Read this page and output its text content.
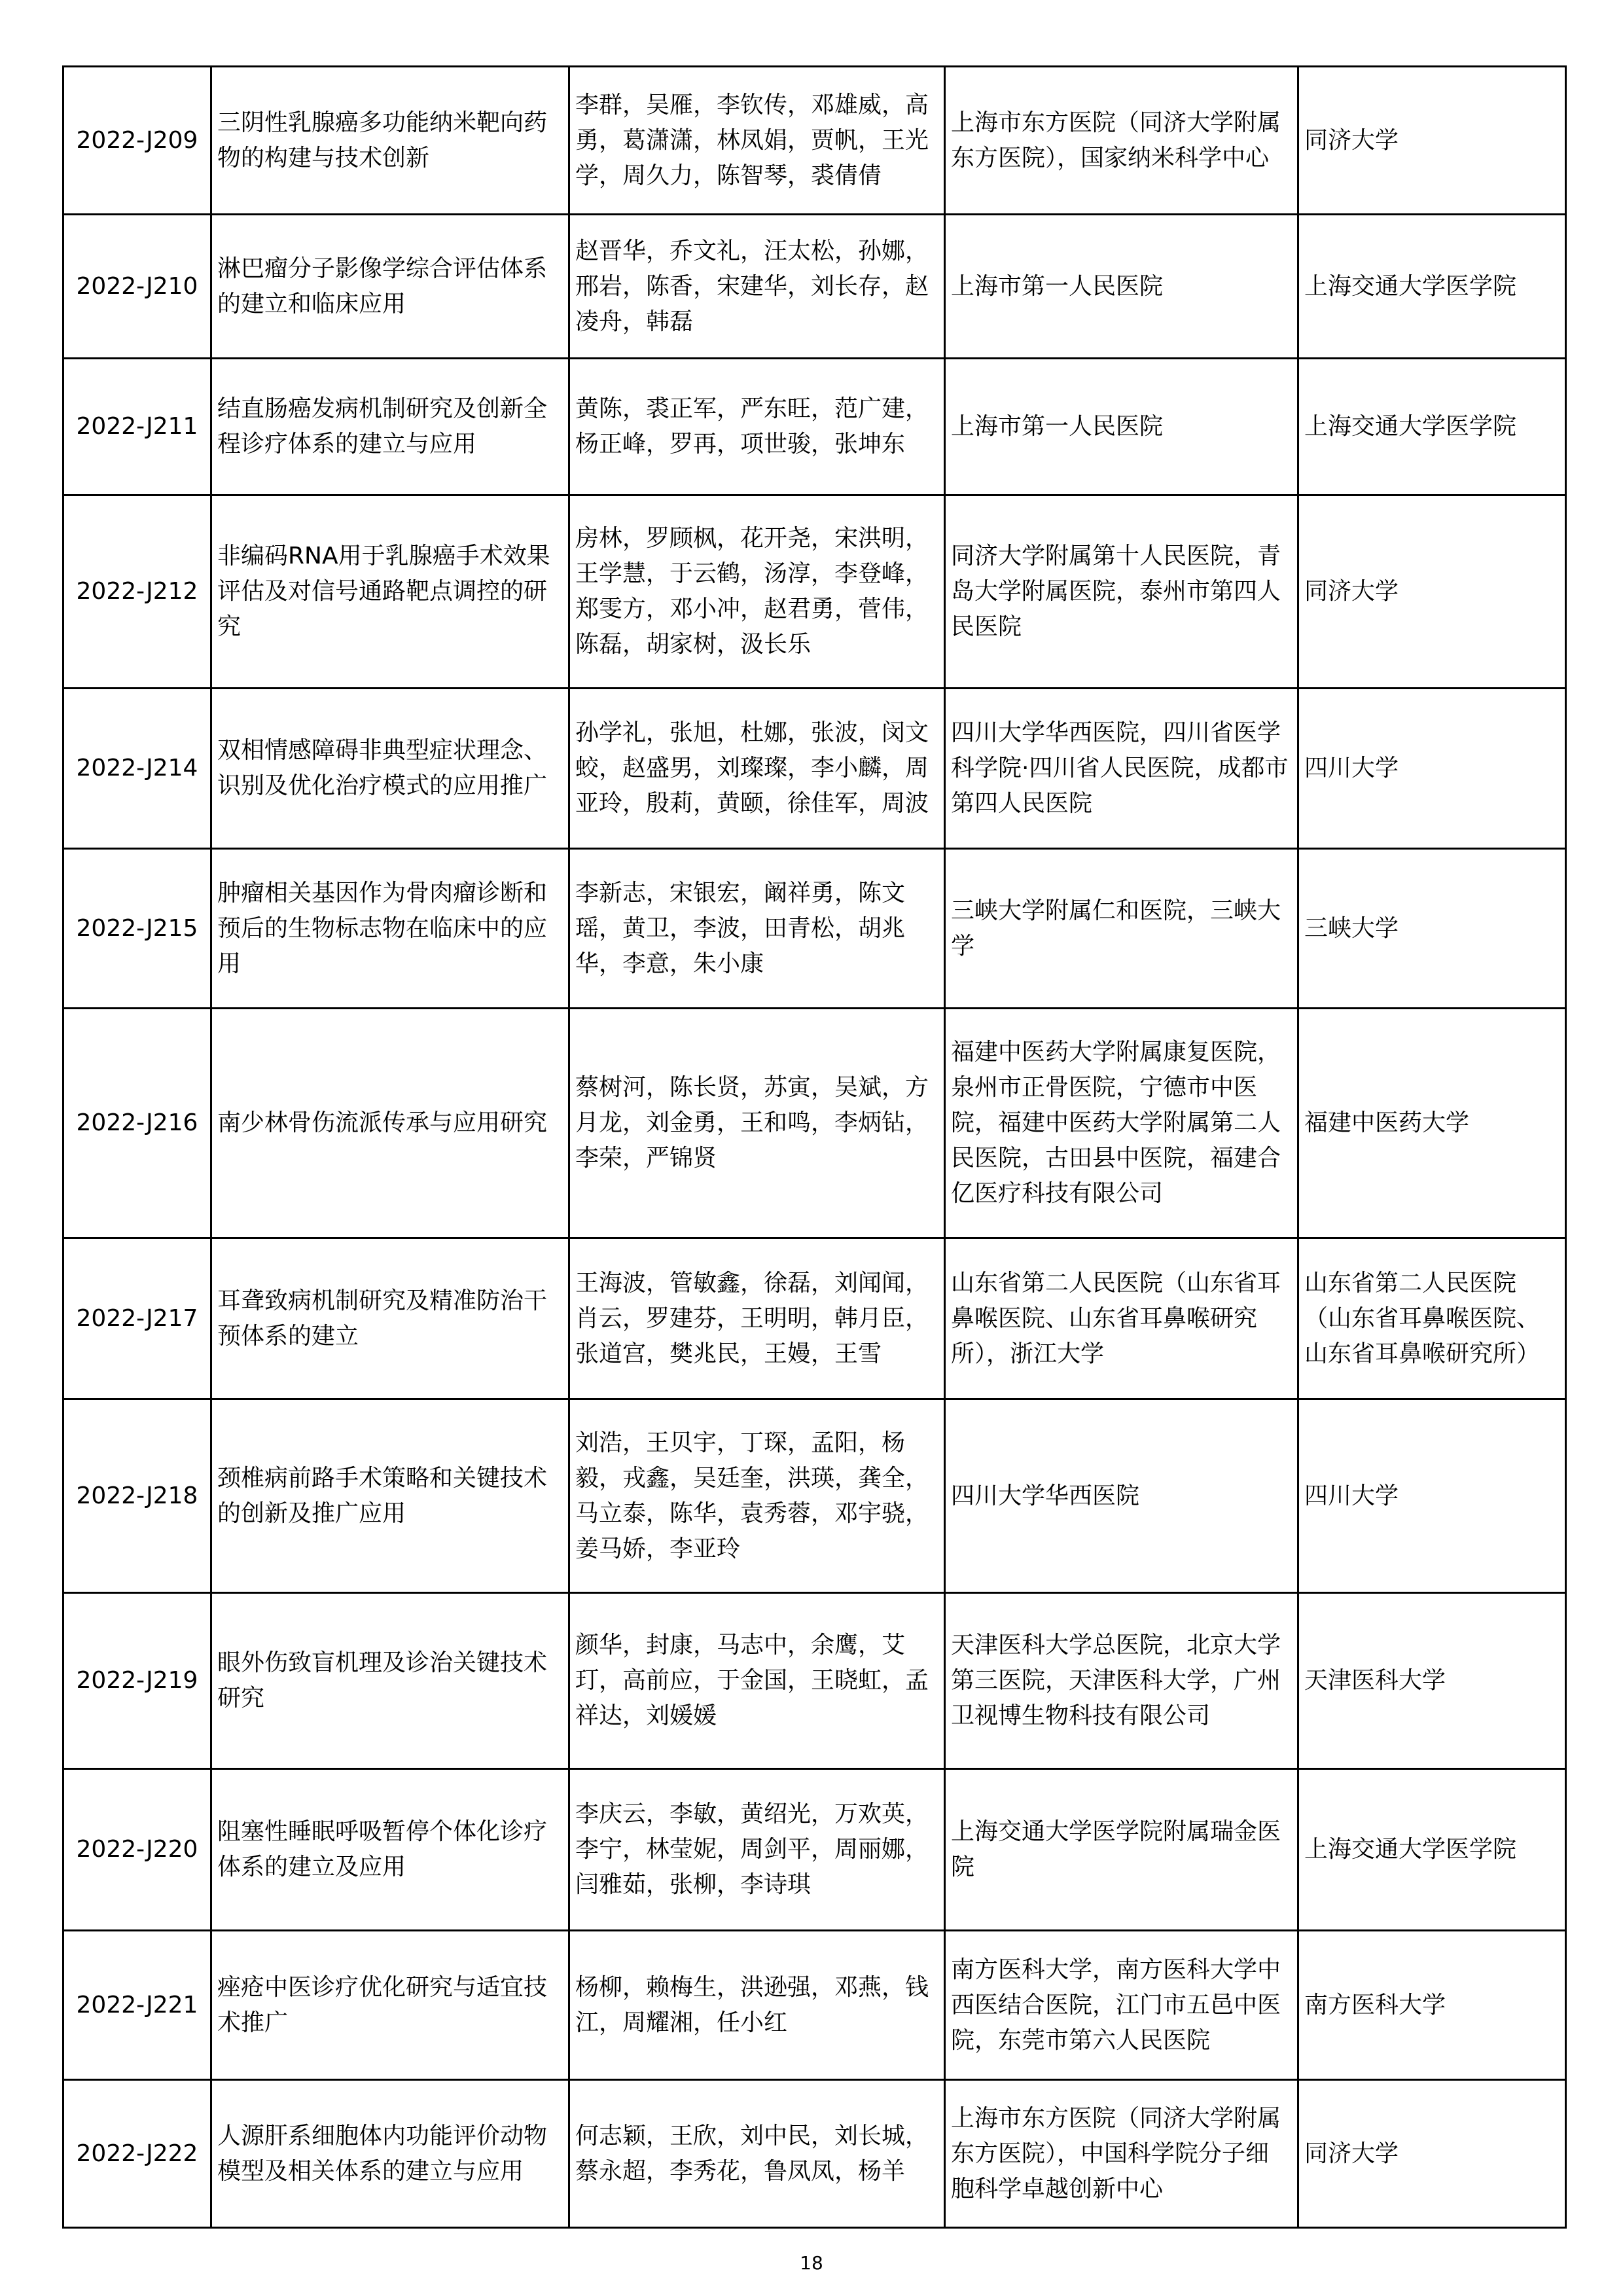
2022-J209	三阴性乳腺癌多功能纳米靶向药物的构建与技术创新	李群，吴雁，李钦传，邓雄威，高勇，葛潇潇，林凤娟，贾帆，王光学，周久力，陈智琴，裘倩倩	上海市东方医院（同济大学附属东方医院），国家纳米科学中心	同济大学
2022-J210	淋巴瘤分子影像学综合评估体系的建立和临床应用	赵晋华，乔文礼，汪太松，孙娜，邢岩，陈香，宋建华，刘长存，赵凌舟，韩磊	上海市第一人民医院	上海交通大学医学院
2022-J211	结直肠癌发病机制研究及创新全程诊疗体系的建立与应用	黄陈，裘正军，严东旺，范广建，杨正峰，罗再，项世骏，张坤东	上海市第一人民医院	上海交通大学医学院
2022-J212	非编码RNA用于乳腺癌手术效果评估及对信号通路靶点调控的研究	房林，罗顾枫，花开尧，宋洪明，王学慧，于云鹤，汤淳，李登峰，郑雯方，邓小冲，赵君勇，菅伟，陈磊，胡家树，汲长乐	同济大学附属第十人民医院，青岛大学附属医院，泰州市第四人民医院	同济大学
2022-J214	双相情感障碍非典型症状理念、识别及优化治疗模式的应用推广	孙学礼，张旭，杜娜，张波，闵文蛟，赵盛男，刘璨璨，李小麟，周亚玲，殷莉，黄颐，徐佳军，周波	四川大学华西医院，四川省医学科学院·四川省人民医院，成都市第四人民医院	四川大学
2022-J215	肿瘤相关基因作为骨肉瘤诊断和预后的生物标志物在临床中的应用	李新志，宋银宏，阚祥勇，陈文瑶，黄卫，李波，田青松，胡兆华，李意，朱小康	三峡大学附属仁和医院，三峡大学	三峡大学
2022-J216	南少林骨伤流派传承与应用研究	蔡树河，陈长贤，苏寅，吴斌，方月龙，刘金勇，王和鸣，李炳钻，李荣，严锦贤	福建中医药大学附属康复医院，泉州市正骨医院，宁德市中医院，福建中医药大学附属第二人民医院，古田县中医院，福建合亿医疗科技有限公司	福建中医药大学
2022-J217	耳聋致病机制研究及精准防治干预体系的建立	王海波，管敏鑫，徐磊，刘闻闻，肖云，罗建芬，王明明，韩月臣，张道宫，樊兆民，王嫚，王雪	山东省第二人民医院（山东省耳鼻喉医院、山东省耳鼻喉研究所），浙江大学	山东省第二人民医院（山东省耳鼻喉医院、山东省耳鼻喉研究所）
2022-J218	颈椎病前路手术策略和关键技术的创新及推广应用	刘浩，王贝宇，丁琛，孟阳，杨毅，戎鑫，吴廷奎，洪瑛，龚全，马立泰，陈华，袁秀蓉，邓宇骁，姜马娇，李亚玲	四川大学华西医院	四川大学
2022-J219	眼外伤致盲机理及诊治关键技术研究	颜华，封康，马志中，余鹰，艾玎，高前应，于金国，王晓虹，孟祥达，刘媛媛	天津医科大学总医院，北京大学第三医院，天津医科大学，广州卫视博生物科技有限公司	天津医科大学
2022-J220	阻塞性睡眠呼吸暂停个体化诊疗体系的建立及应用	李庆云，李敏，黄绍光，万欢英，李宁，林莹妮，周剑平，周丽娜，闫雅茹，张柳，李诗琪	上海交通大学医学院附属瑞金医院	上海交通大学医学院
2022-J221	痤疮中医诊疗优化研究与适宜技术推广	杨柳，赖梅生，洪逊强，邓燕，钱江，周耀湘，任小红	南方医科大学，南方医科大学中西医结合医院，江门市五邑中医院，东莞市第六人民医院	南方医科大学
2022-J222	人源肝系细胞体内功能评价动物模型及相关体系的建立与应用	何志颖，王欣，刘中民，刘长城，蔡永超，李秀花，鲁凤凤，杨羊	上海市东方医院（同济大学附属东方医院），中国科学院分子细胞科学卓越创新中心	同济大学
18
